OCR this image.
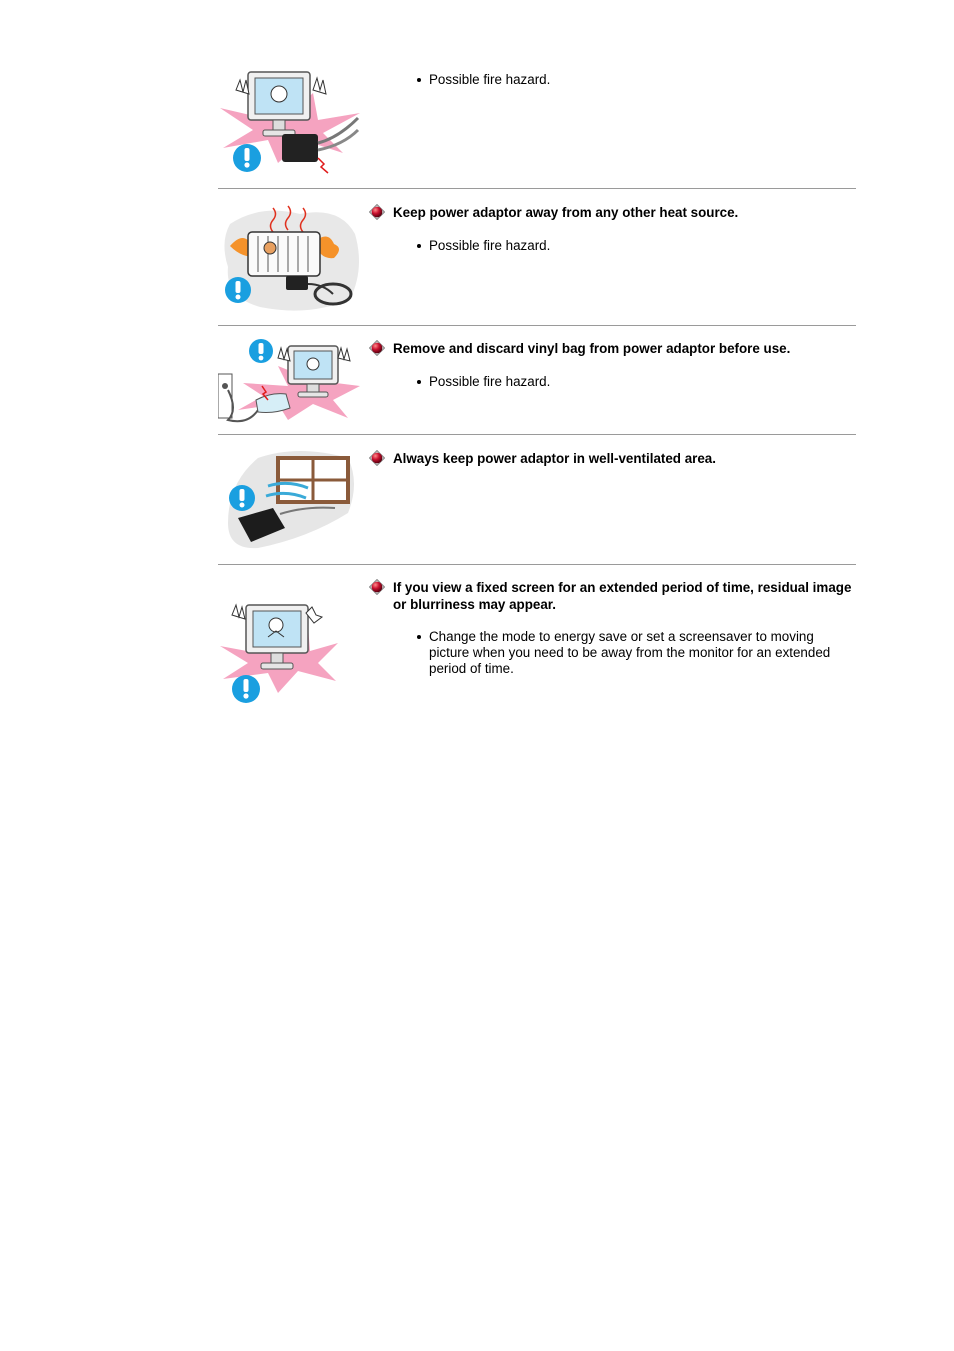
Possible fire hazard.
Keep power adaptor away from any other heat source.
Possible fire hazard.
Remove and discard vinyl bag from power adaptor before use.
Possible fire hazard.
Always keep power adaptor in well-ventilated area.
If you view a fixed screen for an extended period of time, residual image or blurriness may appear.
Change the mode to energy save or set a screensaver to moving picture when you need to be away from the monitor for an extended period of time.
